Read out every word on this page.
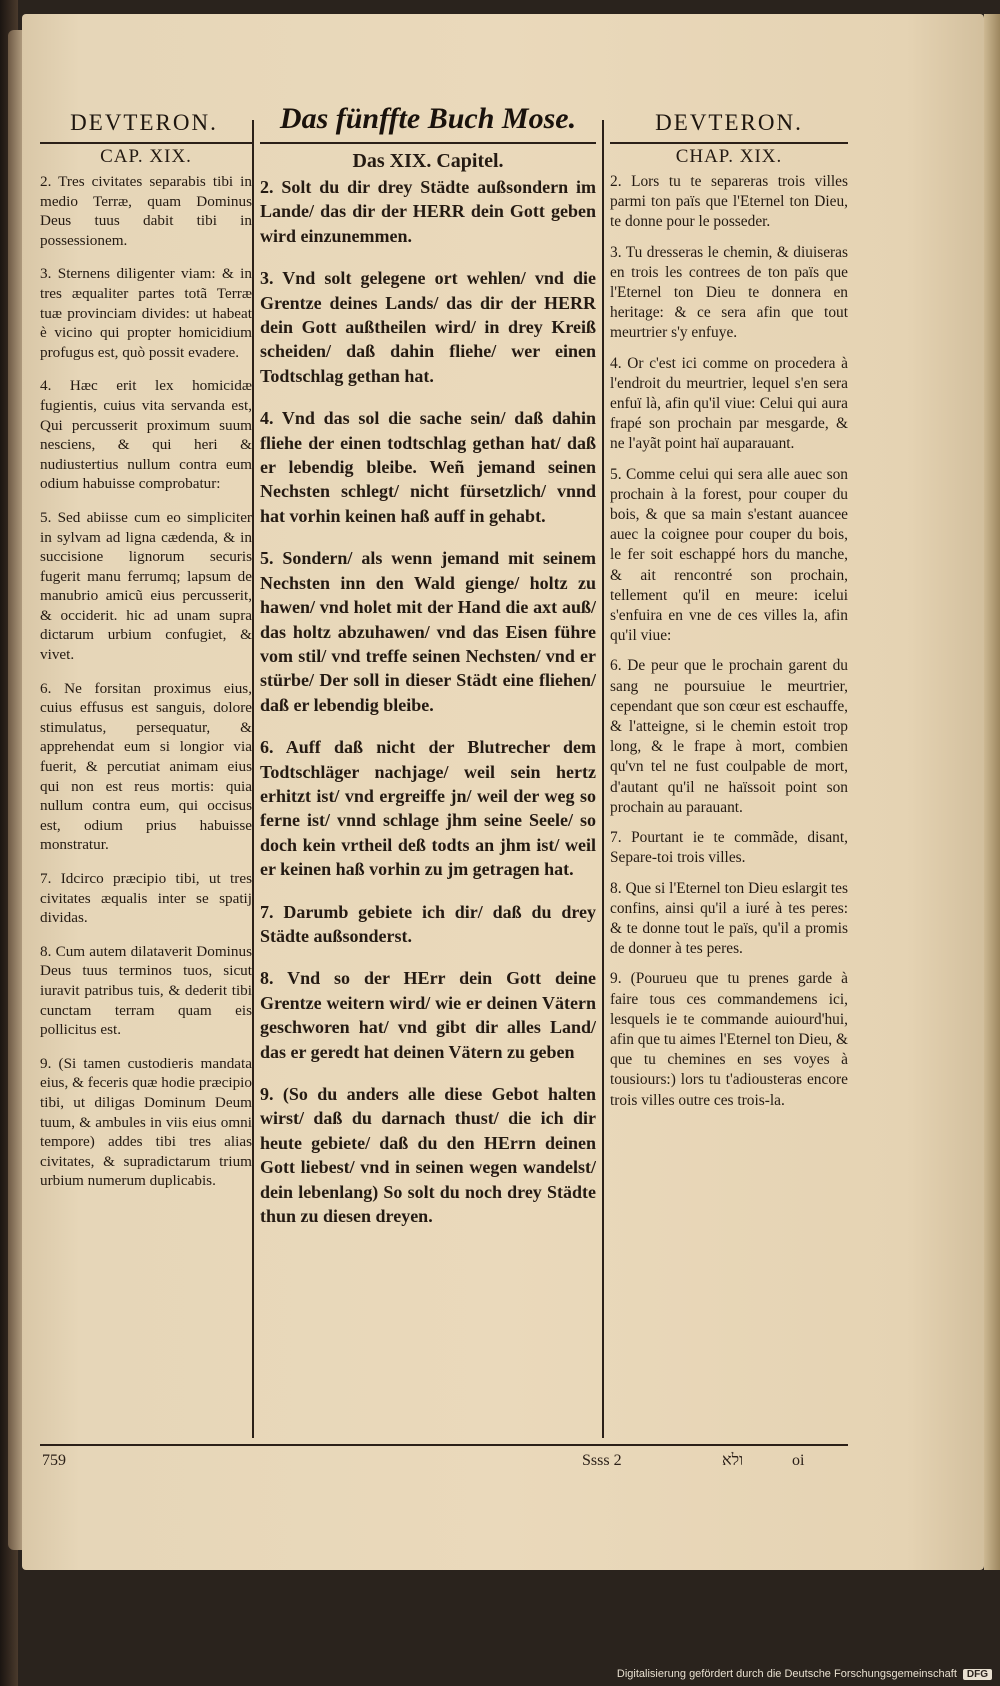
DEVTERON.	Das fünffte Buch Mose.	DEVTERON.
CAP. XIX.

2. Tres civitates separabis tibi in medio Terræ, quam Dominus Deus tuus dabit tibi in possessionem.

3. Sternens diligenter viam: & in tres æqualiter partes totã Terræ tuæ provinciam divides: ut habeat è vicino qui propter homicidium profugus est, quò possit evadere.

4. Hæc erit lex homicidæ fugientis, cuius vita servanda est, Qui percusserit proximum suum nesciens, & qui heri & nudiustertius nullum contra eum odium habuisse comprobatur:

5. Sed abiisse cum eo simpliciter in sylvam ad ligna cædenda, & in succisione lignorum securis fugerit manu ferrumq; lapsum de manubrio amicũ eius percusserit, & occiderit. hic ad unam supra dictarum urbium confugiet, & vivet.

6. Ne forsitan proximus eius, cuius effusus est sanguis, dolore stimulatus, persequatur, & apprehendat eum si longior via fuerit, & percutiat animam eius qui non est reus mortis: quia nullum contra eum, qui occisus est, odium prius habuisse monstratur.

7. Idcirco præcipio tibi, ut tres civitates æqualis inter se spatij dividas.

8. Cum autem dilataverit Dominus Deus tuus terminos tuos, sicut iuravit patribus tuis, & dederit tibi cunctam terram quam eis pollicitus est.

9. (Si tamen custodieris mandata eius, & feceris quæ hodie præcipio tibi, ut diligas Dominum Deum tuum, & ambules in viis eius omni tempore) addes tibi tres alias civitates, & supradictarum trium urbium numerum duplicabis.

Das XIX. Capitel.

2. Solt du dir drey Städte außsondern im Lande/ das dir der HERR dein Gott geben wird einzunemmen.

3. Vnd solt gelegene ort wehlen/ vnd die Grentze deines Lands/ das dir der HERR dein Gott außtheilen wird/ in drey Kreiß scheiden/ daß dahin fliehe/ wer einen Todtschlag gethan hat.

4. Vnd das sol die sache sein/ daß dahin fliehe der einen todtschlag gethan hat/ daß er lebendig bleibe. Weñ jemand seinen Nechsten schlegt/ nicht fürsetzlich/ vnnd hat vorhin keinen haß auff in gehabt.

5. Sondern/ als wenn jemand mit seinem Nechsten inn den Wald gienge/ holtz zu hawen/ vnd holet mit der Hand die axt auß/ das holtz abzuhawen/ vnd das Eisen führe vom stil/ vnd treffe seinen Nechsten/ vnd er stürbe/ Der soll in dieser Städt eine fliehen/ daß er lebendig bleibe.

6. Auff daß nicht der Blutrecher dem Todtschläger nachjage/ weil sein hertz erhitzt ist/ vnd ergreiffe jn/ weil der weg so ferne ist/ vnnd schlage jhm seine Seele/ so doch kein vrtheil deß todts an jhm ist/ weil er keinen haß vorhin zu jm getragen hat.

7. Darumb gebiete ich dir/ daß du drey Städte außsonderst.

8. Vnd so der HErr dein Gott deine Grentze weitern wird/ wie er deinen Vätern geschworen hat/ vnd gibt dir alles Land/ das er geredt hat deinen Vätern zu geben

9. (So du anders alle diese Gebot halten wirst/ daß du darnach thust/ die ich dir heute gebiete/ daß du den HErrn deinen Gott liebest/ vnd in seinen wegen wandelst/ dein lebenlang) So solt du noch drey Städte thun zu diesen dreyen.

CHAP. XIX.

2. Lors tu te separeras trois villes parmi ton païs que l'Eternel ton Dieu, te donne pour le posseder.

3. Tu dresseras le chemin, & diuiseras en trois les contrees de ton païs que l'Eternel ton Dieu te donnera en heritage: & ce sera afin que tout meurtrier s'y enfuye.

4. Or c'est ici comme on procedera à l'endroit du meurtrier, lequel s'en sera enfuï là, afin qu'il viue: Celui qui aura frapé son prochain par mesgarde, & ne l'ayãt point haï auparauant.

5. Comme celui qui sera alle auec son prochain à la forest, pour couper du bois, & que sa main s'estant auancee auec la coignee pour couper du bois, le fer soit eschappé hors du manche, & ait rencontré son prochain, tellement qu'il en meure: icelui s'enfuira en vne de ces villes la, afin qu'il viue:

6. De peur que le prochain garent du sang ne poursuiue le meurtrier, cependant que son cœur est eschauffe, & l'atteigne, si le chemin estoit trop long, & le frape à mort, combien qu'vn tel ne fust coulpable de mort, d'autant qu'il ne haïssoit point son prochain au parauant.

7. Pourtant ie te commãde, disant, Separe-toi trois villes.

8. Que si l'Eternel ton Dieu eslargit tes confins, ainsi qu'il a iuré à tes peres: & te donne tout le païs, qu'il a promis de donner à tes peres.

9. (Pourueu que tu prenes garde à faire tous ces commandemens ici, lesquels ie te commande auiourd'hui, afin que tu aimes l'Eternel ton Dieu, & que tu chemines en ses voyes à tousiours:) lors tu t'adiousteras encore trois villes outre ces trois-la.

759	Ssss 2	ולא	oi
Digitalisierung gefördert durch die Deutsche Forschungsgemeinschaft	DFG
